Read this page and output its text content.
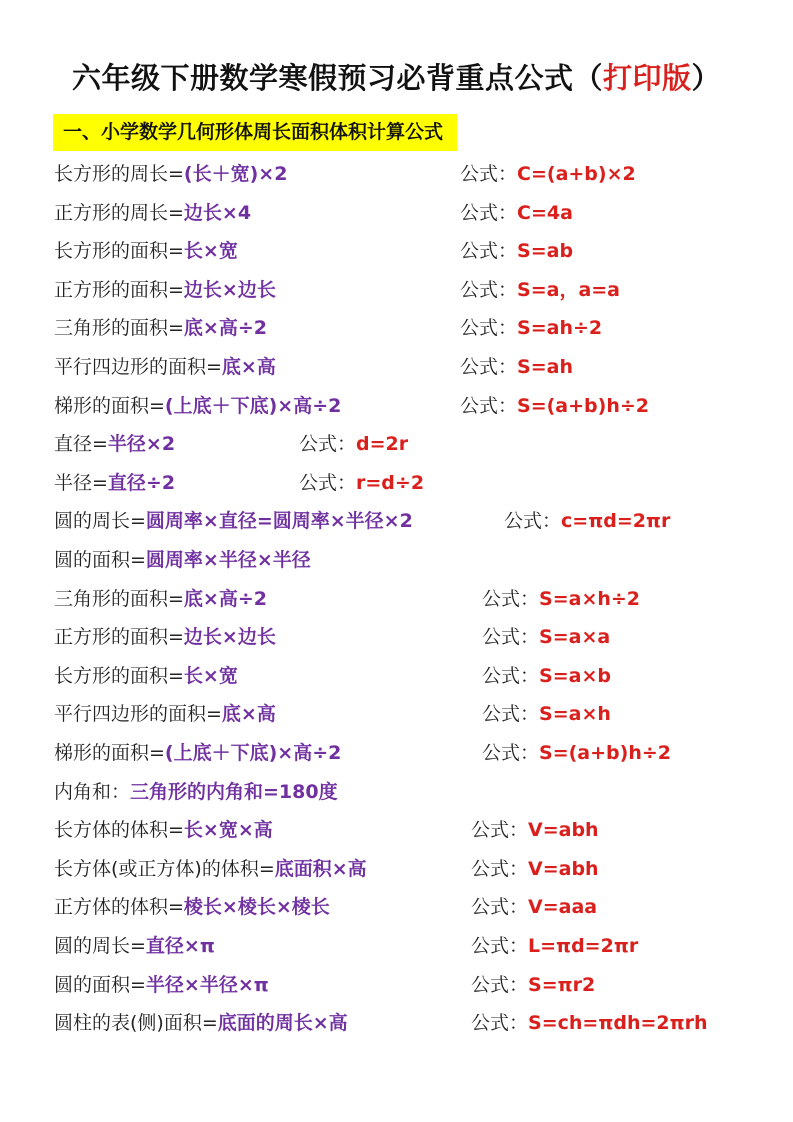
六年级下册数学寒假预习必背重点公式（打印版）
一、小学数学几何形体周长面积体积计算公式
长方形的周长=(长＋宽)×2	公式：C=(a+b)×2
正方形的周长=边长×4	公式：C=4a
长方形的面积=长×宽	公式：S=ab
正方形的面积=边长×边长	公式：S=a，a=a
三角形的面积=底×高÷2	公式：S=ah÷2
平行四边形的面积=底×高	公式：S=ah
梯形的面积=(上底＋下底)×高÷2	公式：S=(a+b)h÷2
直径=半径×2	公式：d=2r
半径=直径÷2	公式：r=d÷2
圆的周长=圆周率×直径=圆周率×半径×2	公式：c=πd=2πr
圆的面积=圆周率×半径×半径
三角形的面积=底×高÷2	公式：S=a×h÷2
正方形的面积=边长×边长	公式：S=a×a
长方形的面积=长×宽	公式：S=a×b
平行四边形的面积=底×高	公式：S=a×h
梯形的面积=(上底＋下底)×高÷2	公式：S=(a+b)h÷2
内角和：三角形的内角和=180度
长方体的体积=长×宽×高	公式：V=abh
长方体(或正方体)的体积=底面积×高	公式：V=abh
正方体的体积=棱长×棱长×棱长	公式：V=aaa
圆的周长=直径×π	公式：L=πd=2πr
圆的面积=半径×半径×π	公式：S=πr2
圆柱的表(侧)面积=底面的周长×高	公式：S=ch=πdh=2πrh
